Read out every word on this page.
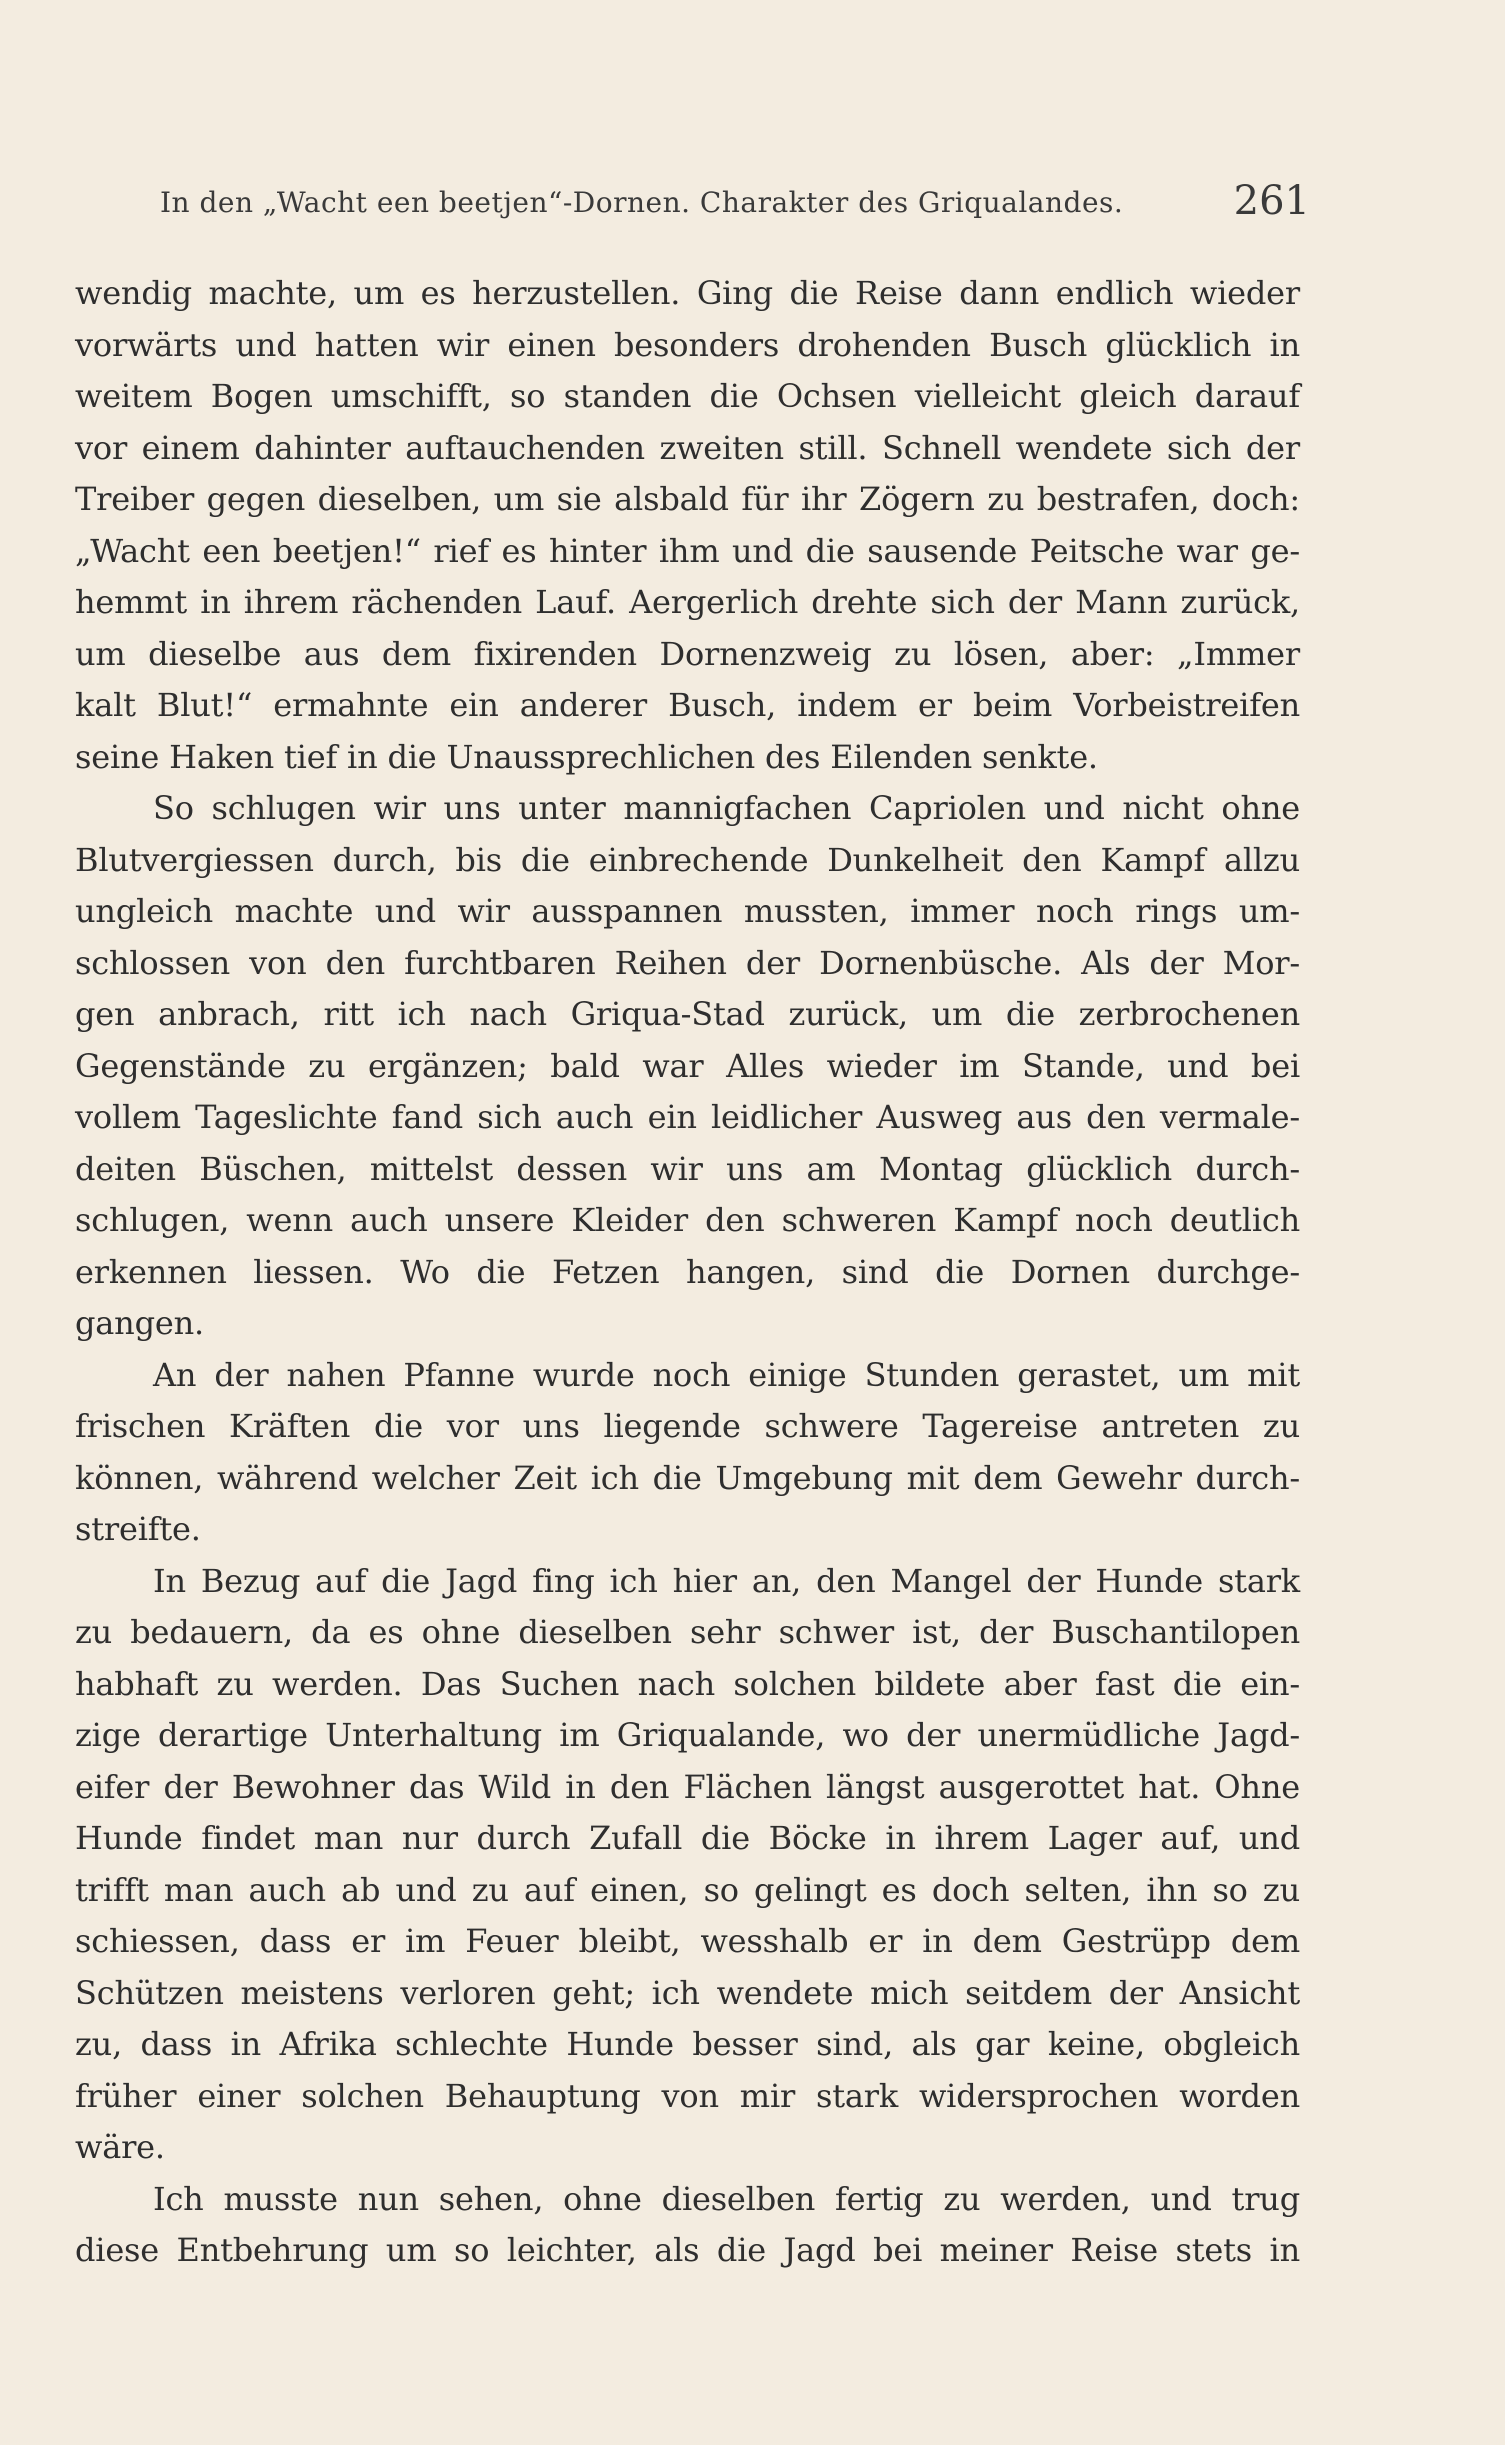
In den „Wacht een beetjen“-Dornen. Charakter des Griqualandes.	261
wendig machte, um es herzustellen. Ging die Reise dann endlich wieder
vorwärts und hatten wir einen besonders drohenden Busch glücklich in
weitem Bogen umschifft, so standen die Ochsen vielleicht gleich darauf
vor einem dahinter auftauchenden zweiten still. Schnell wendete sich der
Treiber gegen dieselben, um sie alsbald für ihr Zögern zu bestrafen, doch:
„Wacht een beetjen!“ rief es hinter ihm und die sausende Peitsche war ge-
hemmt in ihrem rächenden Lauf. Aergerlich drehte sich der Mann zurück,
um dieselbe aus dem fixirenden Dornenzweig zu lösen, aber: „Immer
kalt Blut!“ ermahnte ein anderer Busch, indem er beim Vorbeistreifen
seine Haken tief in die Unaussprechlichen des Eilenden senkte.
So schlugen wir uns unter mannigfachen Capriolen und nicht ohne
Blutvergiessen durch, bis die einbrechende Dunkelheit den Kampf allzu
ungleich machte und wir ausspannen mussten, immer noch rings um-
schlossen von den furchtbaren Reihen der Dornenbüsche. Als der Mor-
gen anbrach, ritt ich nach Griqua-Stad zurück, um die zerbrochenen
Gegenstände zu ergänzen; bald war Alles wieder im Stande, und bei
vollem Tageslichte fand sich auch ein leidlicher Ausweg aus den vermale-
deiten Büschen, mittelst dessen wir uns am Montag glücklich durch-
schlugen, wenn auch unsere Kleider den schweren Kampf noch deutlich
erkennen liessen. Wo die Fetzen hangen, sind die Dornen durchge-
gangen.
An der nahen Pfanne wurde noch einige Stunden gerastet, um mit
frischen Kräften die vor uns liegende schwere Tagereise antreten zu
können, während welcher Zeit ich die Umgebung mit dem Gewehr durch-
streifte.
In Bezug auf die Jagd fing ich hier an, den Mangel der Hunde stark
zu bedauern, da es ohne dieselben sehr schwer ist, der Buschantilopen
habhaft zu werden. Das Suchen nach solchen bildete aber fast die ein-
zige derartige Unterhaltung im Griqualande, wo der unermüdliche Jagd-
eifer der Bewohner das Wild in den Flächen längst ausgerottet hat. Ohne
Hunde findet man nur durch Zufall die Böcke in ihrem Lager auf, und
trifft man auch ab und zu auf einen, so gelingt es doch selten, ihn so zu
schiessen, dass er im Feuer bleibt, wesshalb er in dem Gestrüpp dem
Schützen meistens verloren geht; ich wendete mich seitdem der Ansicht
zu, dass in Afrika schlechte Hunde besser sind, als gar keine, obgleich
früher einer solchen Behauptung von mir stark widersprochen worden
wäre.
Ich musste nun sehen, ohne dieselben fertig zu werden, und trug
diese Entbehrung um so leichter, als die Jagd bei meiner Reise stets in
